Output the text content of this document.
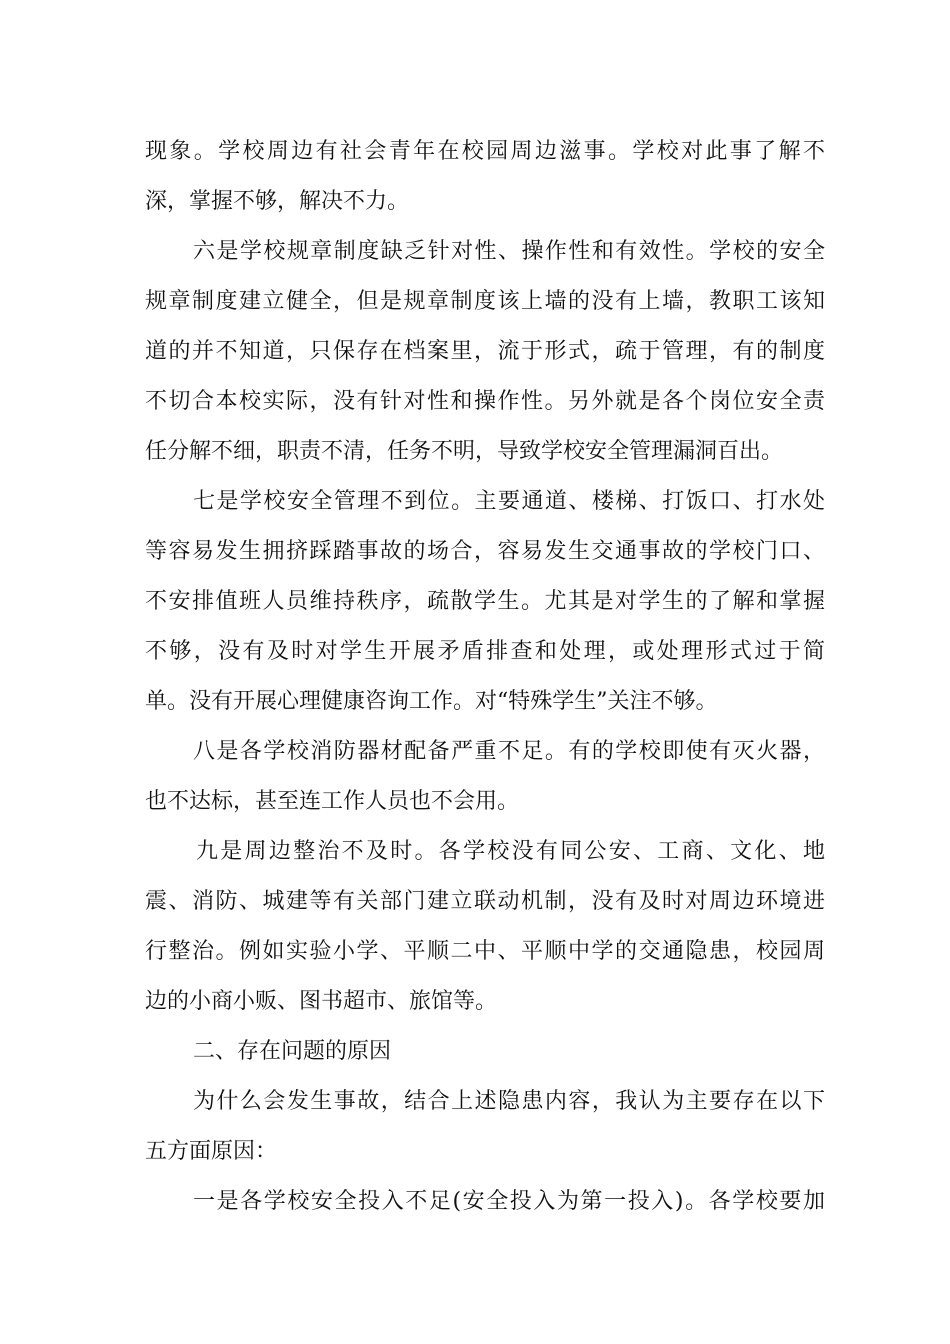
现象。学校周边有社会青年在校园周边滋事。学校对此事了解不
深，掌握不够，解决不力。
六是学校规章制度缺乏针对性、操作性和有效性。学校的安全
规章制度建立健全，但是规章制度该上墙的没有上墙，教职工该知
道的并不知道，只保存在档案里，流于形式，疏于管理，有的制度
不切合本校实际，没有针对性和操作性。另外就是各个岗位安全责
任分解不细，职责不清，任务不明，导致学校安全管理漏洞百出。
七是学校安全管理不到位。主要通道、楼梯、打饭口、打水处
等容易发生拥挤踩踏事故的场合，容易发生交通事故的学校门口、
不安排值班人员维持秩序，疏散学生。尤其是对学生的了解和掌握
不够，没有及时对学生开展矛盾排查和处理，或处理形式过于简
单。没有开展心理健康咨询工作。对“特殊学生”关注不够。
八是各学校消防器材配备严重不足。有的学校即使有灭火器，
也不达标，甚至连工作人员也不会用。
九是周边整治不及时。各学校没有同公安、工商、文化、地
震、消防、城建等有关部门建立联动机制，没有及时对周边环境进
行整治。例如实验小学、平顺二中、平顺中学的交通隐患，校园周
边的小商小贩、图书超市、旅馆等。
二、存在问题的原因
为什么会发生事故，结合上述隐患内容，我认为主要存在以下
五方面原因：
一是各学校安全投入不足(安全投入为第一投入)。各学校要加
